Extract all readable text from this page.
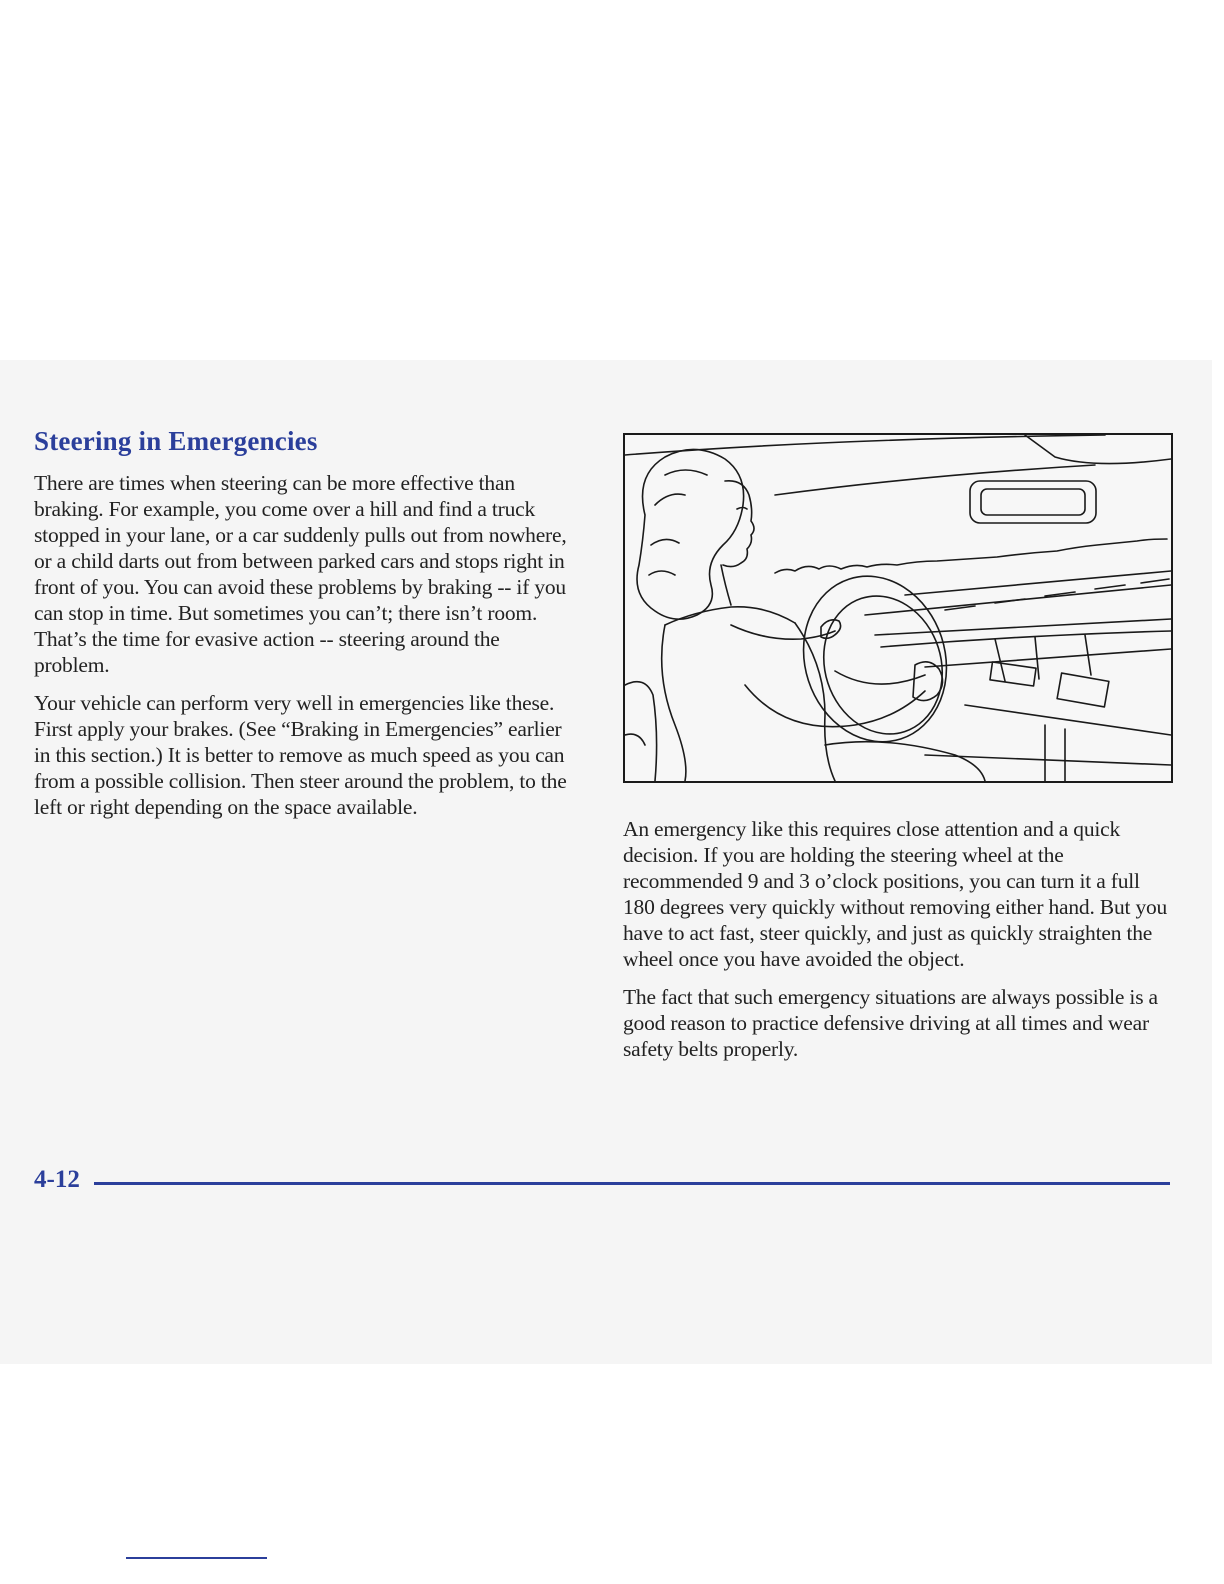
Steering in Emergencies

There are times when steering can be more effective than braking. For example, you come over a hill and find a truck stopped in your lane, or a car suddenly pulls out from nowhere, or a child darts out from between parked cars and stops right in front of you. You can avoid these problems by braking -- if you can stop in time. But sometimes you can’t; there isn’t room. That’s the time for evasive action -- steering around the problem.

Your vehicle can perform very well in emergencies like these. First apply your brakes. (See “Braking in Emergencies” earlier in this section.) It is better to remove as much speed as you can from a possible collision. Then steer around the problem, to the left or right depending on the space available.

An emergency like this requires close attention and a quick decision. If you are holding the steering wheel at the recommended 9 and 3 o’clock positions, you can turn it a full 180 degrees very quickly without removing either hand. But you have to act fast, steer quickly, and just as quickly straighten the wheel once you have avoided the object.

The fact that such emergency situations are always possible is a good reason to practice defensive driving at all times and wear safety belts properly.

4-12
